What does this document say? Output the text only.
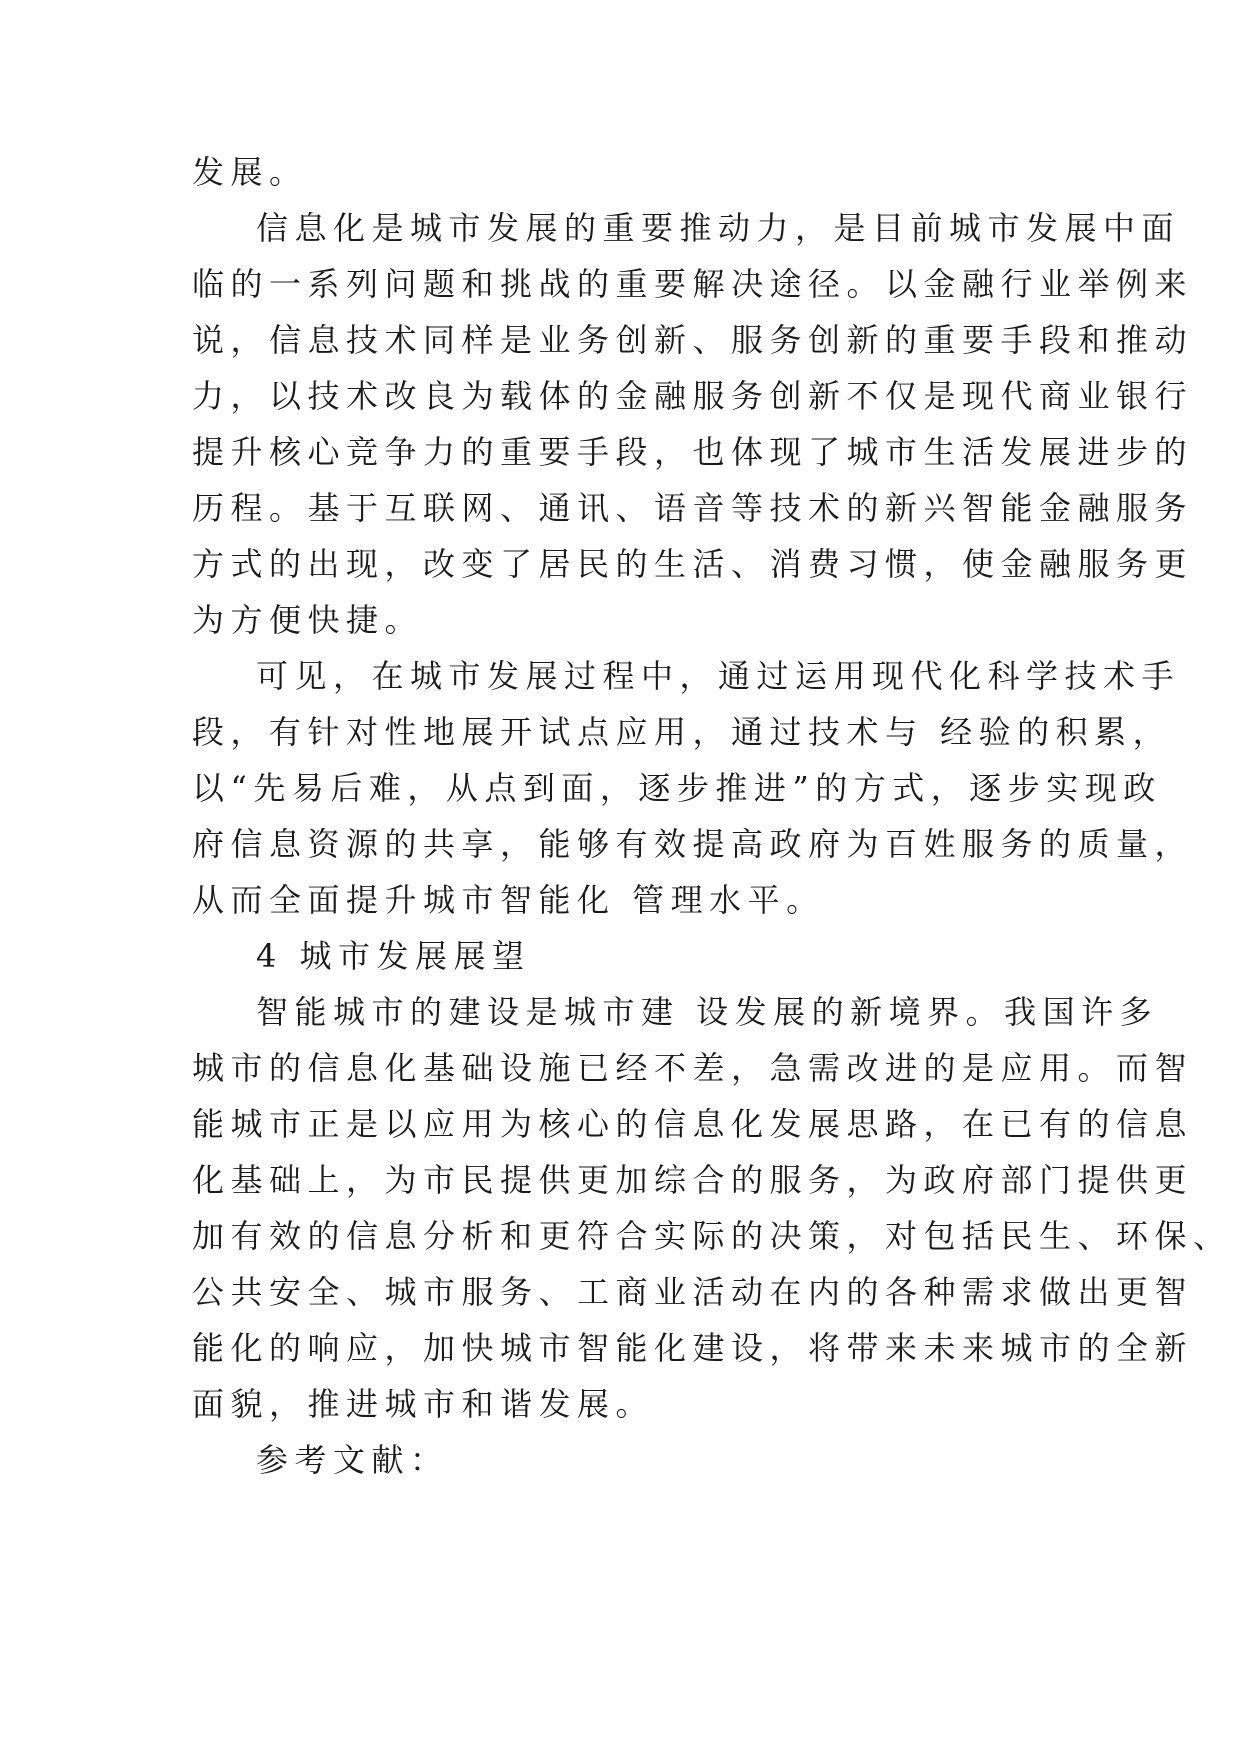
发展。
信息化是城市发展的重要推动力，是目前城市发展中面
临的一系列问题和挑战的重要解决途径。以金融行业举例来
说，信息技术同样是业务创新、服务创新的重要手段和推动
力，以技术改良为载体的金融服务创新不仅是现代商业银行
提升核心竞争力的重要手段，也体现了城市生活发展进步的
历程。基于互联网、通讯、语音等技术的新兴智能金融服务
方式的出现，改变了居民的生活、消费习惯，使金融服务更
为方便快捷。
可见，在城市发展过程中，通过运用现代化科学技术手
段，有针对性地展开试点应用，通过技术与 经验的积累，
以“先易后难，从点到面，逐步推进”的方式，逐步实现政
府信息资源的共享，能够有效提高政府为百姓服务的质量，
从而全面提升城市智能化 管理水平。
4 城市发展展望
智能城市的建设是城市建 设发展的新境界。我国许多
城市的信息化基础设施已经不差，急需改进的是应用。而智
能城市正是以应用为核心的信息化发展思路，在已有的信息
化基础上，为市民提供更加综合的服务，为政府部门提供更
加有效的信息分析和更符合实际的决策，对包括民生、环保、
公共安全、城市服务、工商业活动在内的各种需求做出更智
能化的响应，加快城市智能化建设，将带来未来城市的全新
面貌，推进城市和谐发展。
参考文献：
